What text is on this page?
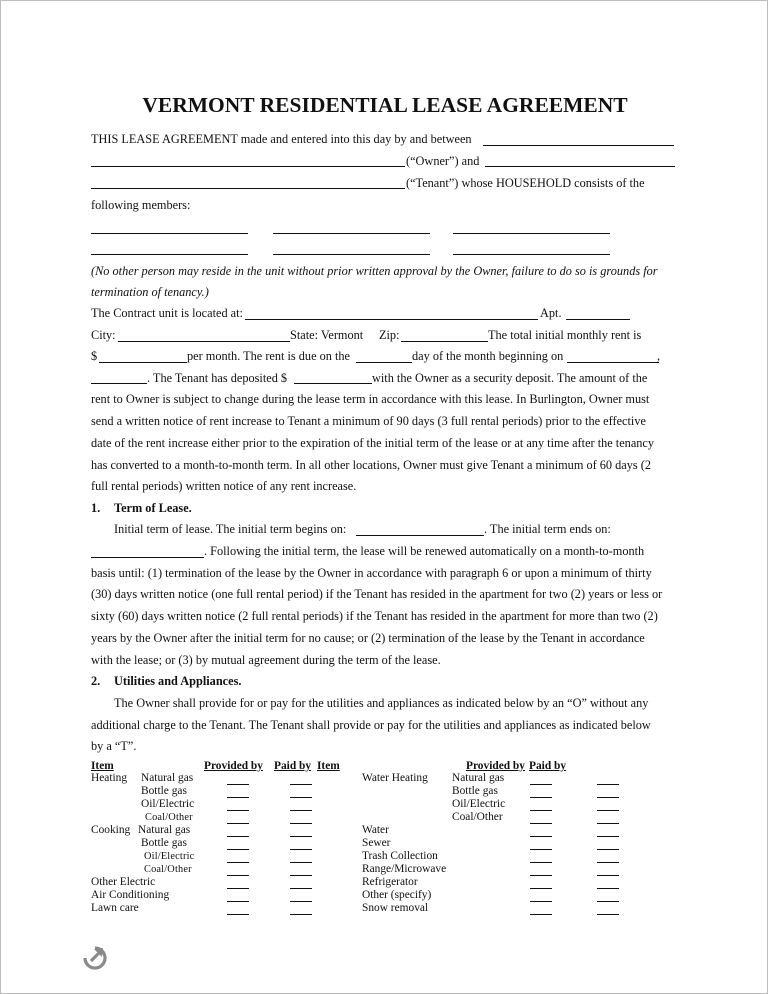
VERMONT RESIDENTIAL LEASE AGREEMENT
THIS LEASE AGREEMENT made and entered into this day by and between
(“Owner”) and
(“Tenant”) whose HOUSEHOLD consists of the
following members:
(No other person may reside in the unit without prior written approval by the Owner, failure to do so is grounds for
termination of tenancy.)
The Contract unit is located at:	Apt.
City:	State: Vermont Zip:	The total initial monthly rent is
$	per month. The rent is due on the	day of the month beginning on	,
. The Tenant has deposited $	with the Owner as a security deposit. The amount of the
rent to Owner is subject to change during the lease term in accordance with this lease. In Burlington, Owner must
send a written notice of rent increase to Tenant a minimum of 90 days (3 full rental periods) prior to the effective
date of the rent increase either prior to the expiration of the initial term of the lease or at any time after the tenancy
has converted to a month-to-month term. In all other locations, Owner must give Tenant a minimum of 60 days (2
full rental periods) written notice of any rent increase.
1. Term of Lease.
Initial term of lease. The initial term begins on:	. The initial term ends on:
. Following the initial term, the lease will be renewed automatically on a month-to-month
basis until: (1) termination of the lease by the Owner in accordance with paragraph 6 or upon a minimum of thirty
(30) days written notice (one full rental period) if the Tenant has resided in the apartment for two (2) years or less or
sixty (60) days written notice (2 full rental periods) if the Tenant has resided in the apartment for more than two (2)
years by the Owner after the initial term for no cause; or (2) termination of the lease by the Tenant in accordance
with the lease; or (3) by mutual agreement during the term of the lease.
2. Utilities and Appliances.
The Owner shall provide for or pay for the utilities and appliances as indicated below by an “O” without any
additional charge to the Tenant. The Tenant shall provide or pay for the utilities and appliances as indicated below
by a “T”.
Item	Provided by Paid by Item	Provided by Paid by
Heating Natural gas
Bottle gas
Oil/Electric
Coal/Other
Cooking Natural gas
Bottle gas
Oil/Electric
Coal/Other
Other Electric
Air Conditioning
Lawn care
Water Heating Natural gas
Bottle gas
Oil/Electric
Coal/Other
Water
Sewer
Trash Collection
Range/Microwave
Refrigerator
Other (specify)
Snow removal
